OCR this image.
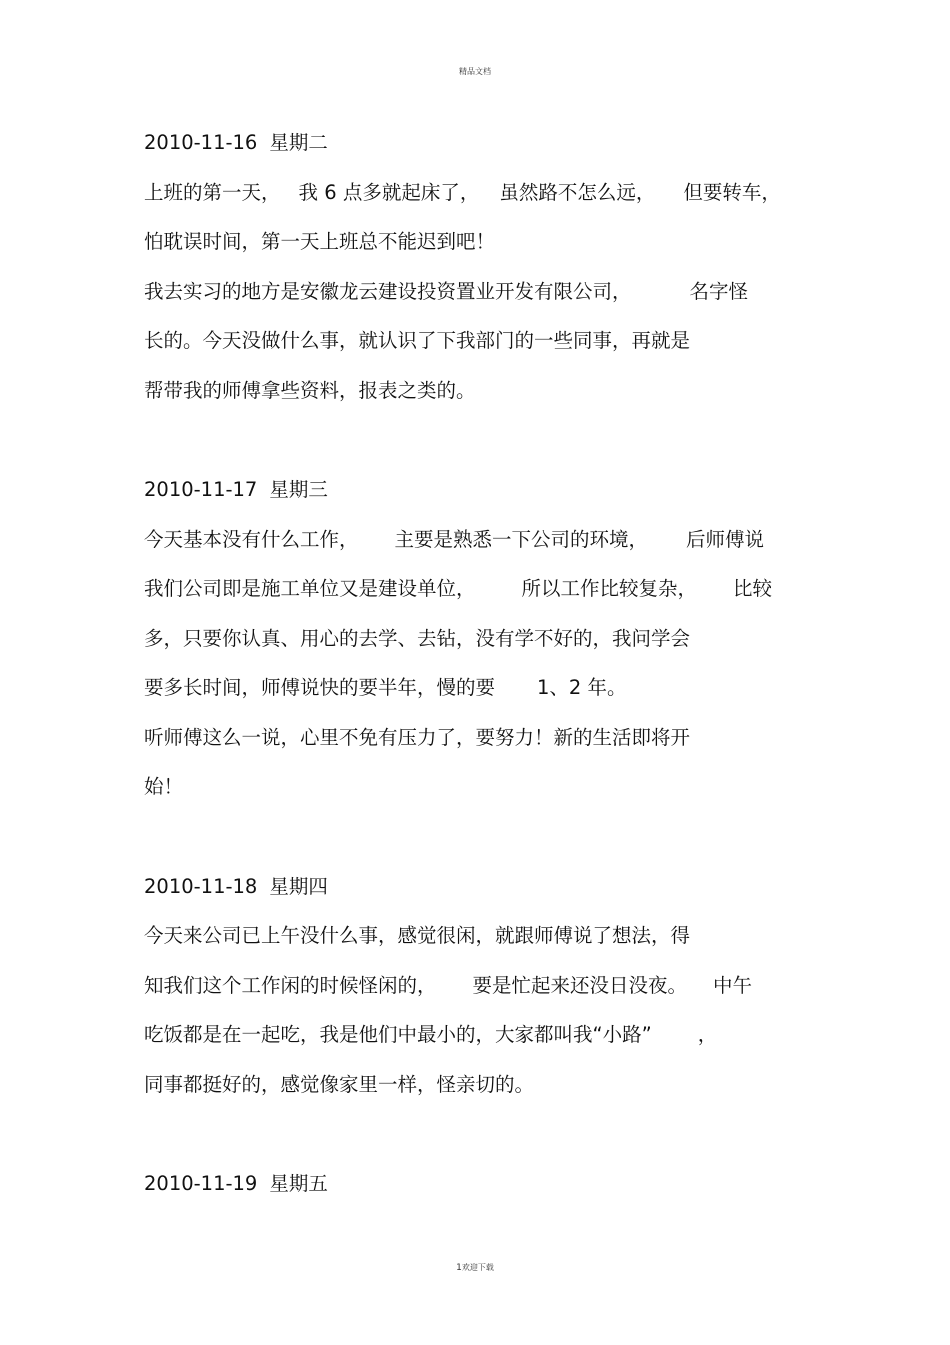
精品文档
2010-11-16 星期二
上班的第一天， 我 6 点多就起床了， 虽然路不怎么远， 但要转车，
怕耽误时间，第一天上班总不能迟到吧！
我去实习的地方是安徽龙云建设投资置业开发有限公司，	名字怪
长的。今天没做什么事，就认识了下我部门的一些同事，再就是
帮带我的师傅拿些资料，报表之类的。
2010-11-17 星期三
今天基本没有什么工作， 主要是熟悉一下公司的环境， 后师傅说
我们公司即是施工单位又是建设单位， 所以工作比较复杂， 比较
多，只要你认真、用心的去学、去钻，没有学不好的，我问学会
要多长时间，师傅说快的要半年，慢的要 1、2 年。
听师傅这么一说，心里不免有压力了，要努力！新的生活即将开
始！
2010-11-18 星期四
今天来公司已上午没什么事，感觉很闲，就跟师傅说了想法，得
知我们这个工作闲的时候怪闲的， 要是忙起来还没日没夜。 中午
吃饭都是在一起吃，我是他们中最小的，大家都叫我“小路” ，
同事都挺好的，感觉像家里一样，怪亲切的。
2010-11-19 星期五
1欢迎下载
